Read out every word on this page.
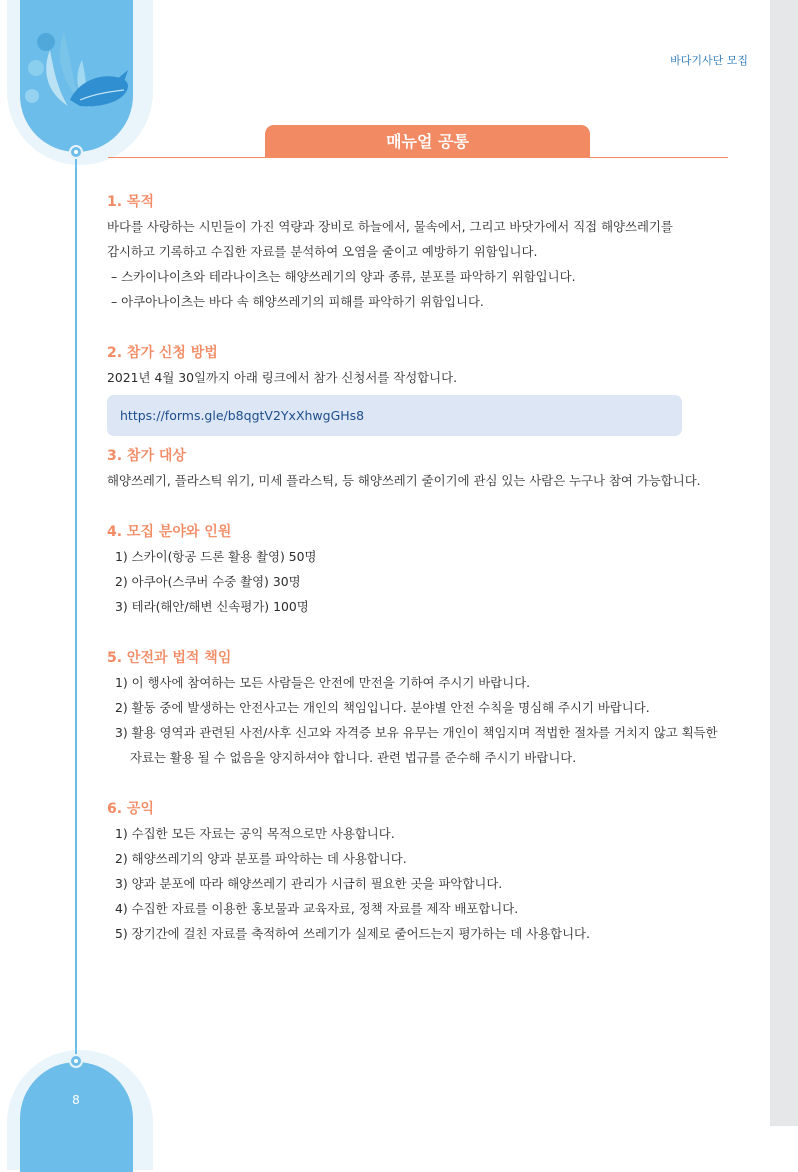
8
바다기사단 모집
매뉴얼 공통

1. 목적

바다를 사랑하는 시민들이 가진 역량과 장비로 하늘에서, 물속에서, 그리고 바닷가에서 직접 해양쓰레기를

감시하고 기록하고 수집한 자료를 분석하여 오염을 줄이고 예방하기 위함입니다.

– 스카이나이츠와 테라나이츠는 해양쓰레기의 양과 종류, 분포를 파악하기 위함입니다.

– 아쿠아나이츠는 바다 속 해양쓰레기의 피해를 파악하기 위함입니다.

2. 참가 신청 방법

2021년 4월 30일까지 아래 링크에서 참가 신청서를 작성합니다.

https://forms.gle/b8qgtV2YxXhwgGHs8

3. 참가 대상

해양쓰레기, 플라스틱 위기, 미세 플라스틱, 등 해양쓰레기 줄이기에 관심 있는 사람은 누구나 참여 가능합니다.

4. 모집 분야와 인원

1) 스카이(항공 드론 활용 촬영) 50명

2) 아쿠아(스쿠버 수중 촬영) 30명

3) 테라(해안/해변 신속평가) 100명

5. 안전과 법적 책임

1) 이 행사에 참여하는 모든 사람들은 안전에 만전을 기하여 주시기 바랍니다.

2) 활동 중에 발생하는 안전사고는 개인의 책임입니다. 분야별 안전 수칙을 명심해 주시기 바랍니다.

3) 활용 영역과 관련된 사전/사후 신고와 자격증 보유 유무는 개인이 책임지며 적법한 절차를 거치지 않고 획득한

자료는 활용 될 수 없음을 양지하셔야 합니다. 관련 법규를 준수해 주시기 바랍니다.

6. 공익

1) 수집한 모든 자료는 공익 목적으로만 사용합니다.

2) 해양쓰레기의 양과 분포를 파악하는 데 사용합니다.

3) 양과 분포에 따라 해양쓰레기 관리가 시급히 필요한 곳을 파악합니다.

4) 수집한 자료를 이용한 홍보물과 교육자료, 정책 자료를 제작 배포합니다.

5) 장기간에 걸친 자료를 축적하여 쓰레기가 실제로 줄어드는지 평가하는 데 사용합니다.
